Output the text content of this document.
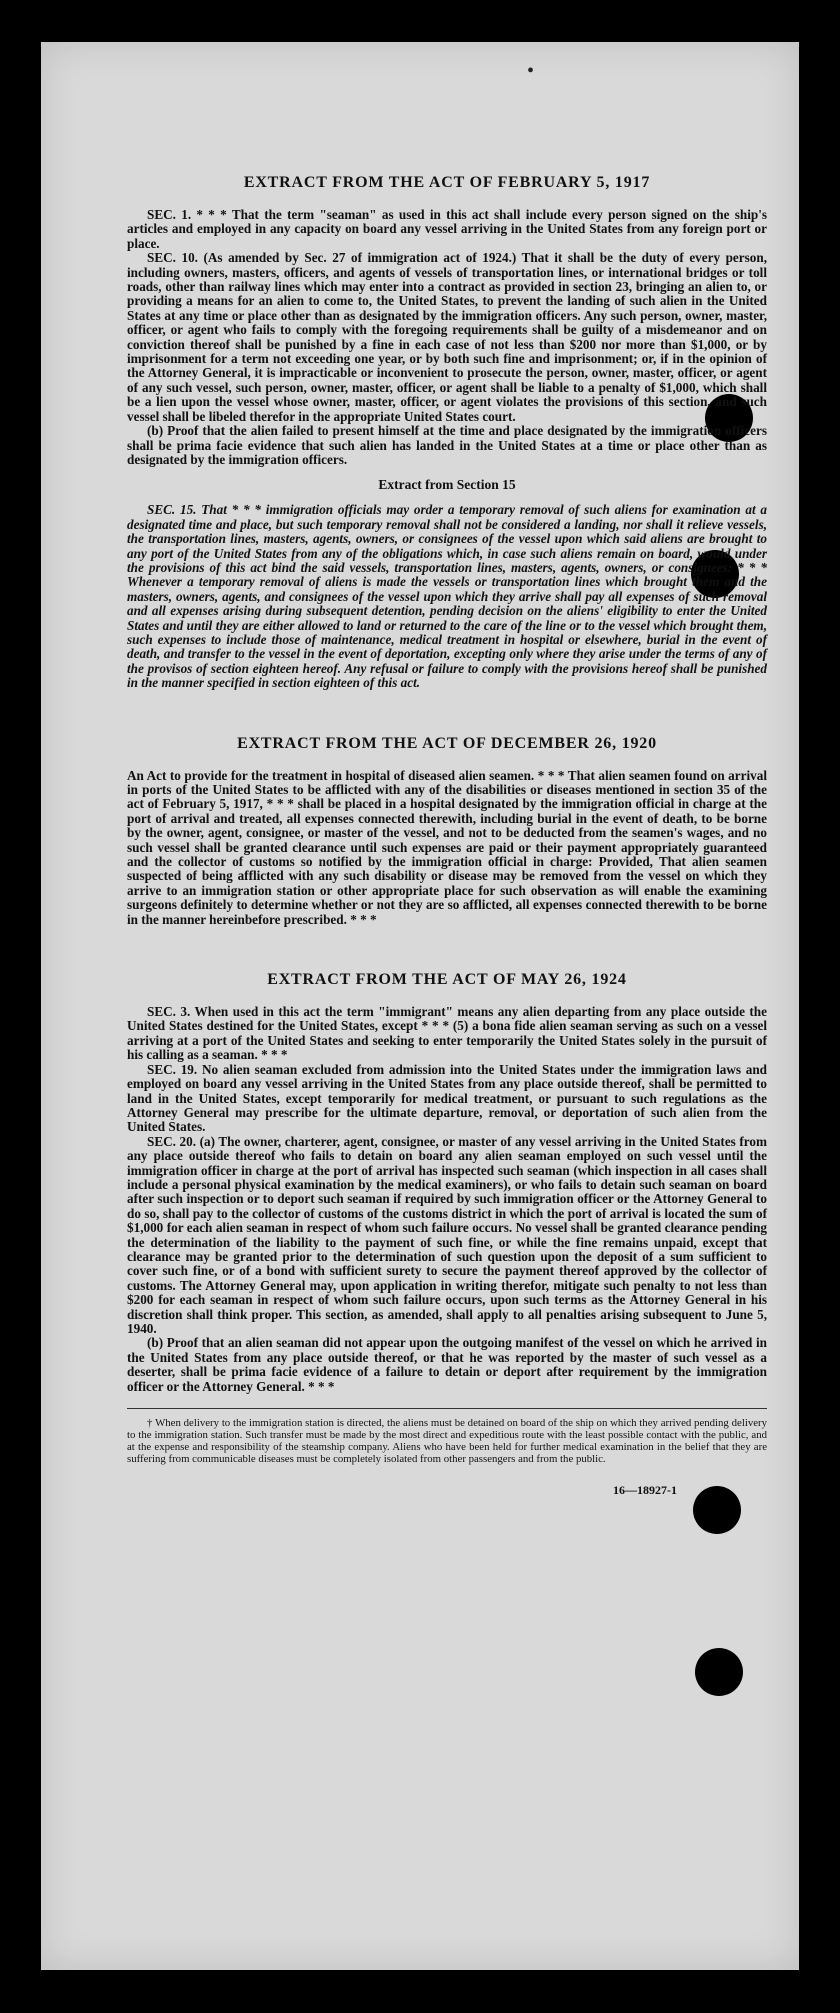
•
EXTRACT FROM THE ACT OF FEBRUARY 5, 1917

SEC. 1. * * * That the term "seaman" as used in this act shall include every person signed on the ship's articles and employed in any capacity on board any vessel arriving in the United States from any foreign port or place.

SEC. 10. (As amended by Sec. 27 of immigration act of 1924.) That it shall be the duty of every person, including owners, masters, officers, and agents of vessels of transportation lines, or international bridges or toll roads, other than railway lines which may enter into a contract as provided in section 23, bringing an alien to, or providing a means for an alien to come to, the United States, to prevent the landing of such alien in the United States at any time or place other than as designated by the immigration officers. Any such person, owner, master, officer, or agent who fails to comply with the foregoing requirements shall be guilty of a misdemeanor and on conviction thereof shall be punished by a fine in each case of not less than $200 nor more than $1,000, or by imprisonment for a term not exceeding one year, or by both such fine and imprisonment; or, if in the opinion of the Attorney General, it is impracticable or inconvenient to prosecute the person, owner, master, officer, or agent of any such vessel, such person, owner, master, officer, or agent shall be liable to a penalty of $1,000, which shall be a lien upon the vessel whose owner, master, officer, or agent violates the provisions of this section, and such vessel shall be libeled therefor in the appropriate United States court.

(b) Proof that the alien failed to present himself at the time and place designated by the immigration officers shall be prima facie evidence that such alien has landed in the United States at a time or place other than as designated by the immigration officers.

Extract from Section 15

SEC. 15. That * * * immigration officials may order a temporary removal of such aliens for examination at a designated time and place, but such temporary removal shall not be considered a landing, nor shall it relieve vessels, the transportation lines, masters, agents, owners, or consignees of the vessel upon which said aliens are brought to any port of the United States from any of the obligations which, in case such aliens remain on board, would under the provisions of this act bind the said vessels, transportation lines, masters, agents, owners, or consignees: * * * Whenever a temporary removal of aliens is made the vessels or transportation lines which brought them and the masters, owners, agents, and consignees of the vessel upon which they arrive shall pay all expenses of such removal and all expenses arising during subsequent detention, pending decision on the aliens' eligibility to enter the United States and until they are either allowed to land or returned to the care of the line or to the vessel which brought them, such expenses to include those of maintenance, medical treatment in hospital or elsewhere, burial in the event of death, and transfer to the vessel in the event of deportation, excepting only where they arise under the terms of any of the provisos of section eighteen hereof. Any refusal or failure to comply with the provisions hereof shall be punished in the manner specified in section eighteen of this act.

EXTRACT FROM THE ACT OF DECEMBER 26, 1920

An Act to provide for the treatment in hospital of diseased alien seamen. * * * That alien seamen found on arrival in ports of the United States to be afflicted with any of the disabilities or diseases mentioned in section 35 of the act of February 5, 1917, * * * shall be placed in a hospital designated by the immigration official in charge at the port of arrival and treated, all expenses connected therewith, including burial in the event of death, to be borne by the owner, agent, consignee, or master of the vessel, and not to be deducted from the seamen's wages, and no such vessel shall be granted clearance until such expenses are paid or their payment appropriately guaranteed and the collector of customs so notified by the immigration official in charge: Provided, That alien seamen suspected of being afflicted with any such disability or disease may be removed from the vessel on which they arrive to an immigration station or other appropriate place for such observation as will enable the examining surgeons definitely to determine whether or not they are so afflicted, all expenses connected therewith to be borne in the manner hereinbefore prescribed. * * *

EXTRACT FROM THE ACT OF MAY 26, 1924

SEC. 3. When used in this act the term "immigrant" means any alien departing from any place outside the United States destined for the United States, except * * * (5) a bona fide alien seaman serving as such on a vessel arriving at a port of the United States and seeking to enter temporarily the United States solely in the pursuit of his calling as a seaman. * * *

SEC. 19. No alien seaman excluded from admission into the United States under the immigration laws and employed on board any vessel arriving in the United States from any place outside thereof, shall be permitted to land in the United States, except temporarily for medical treatment, or pursuant to such regulations as the Attorney General may prescribe for the ultimate departure, removal, or deportation of such alien from the United States.

SEC. 20. (a) The owner, charterer, agent, consignee, or master of any vessel arriving in the United States from any place outside thereof who fails to detain on board any alien seaman employed on such vessel until the immigration officer in charge at the port of arrival has inspected such seaman (which inspection in all cases shall include a personal physical examination by the medical examiners), or who fails to detain such seaman on board after such inspection or to deport such seaman if required by such immigration officer or the Attorney General to do so, shall pay to the collector of customs of the customs district in which the port of arrival is located the sum of $1,000 for each alien seaman in respect of whom such failure occurs. No vessel shall be granted clearance pending the determination of the liability to the payment of such fine, or while the fine remains unpaid, except that clearance may be granted prior to the determination of such question upon the deposit of a sum sufficient to cover such fine, or of a bond with sufficient surety to secure the payment thereof approved by the collector of customs. The Attorney General may, upon application in writing therefor, mitigate such penalty to not less than $200 for each seaman in respect of whom such failure occurs, upon such terms as the Attorney General in his discretion shall think proper. This section, as amended, shall apply to all penalties arising subsequent to June 5, 1940.

(b) Proof that an alien seaman did not appear upon the outgoing manifest of the vessel on which he arrived in the United States from any place outside thereof, or that he was reported by the master of such vessel as a deserter, shall be prima facie evidence of a failure to detain or deport after requirement by the immigration officer or the Attorney General. * * *

† When delivery to the immigration station is directed, the aliens must be detained on board of the ship on which they arrived pending delivery to the immigration station. Such transfer must be made by the most direct and expeditious route with the least possible contact with the public, and at the expense and responsibility of the steamship company. Aliens who have been held for further medical examination in the belief that they are suffering from communicable diseases must be completely isolated from other passengers and from the public.

16—18927-1
